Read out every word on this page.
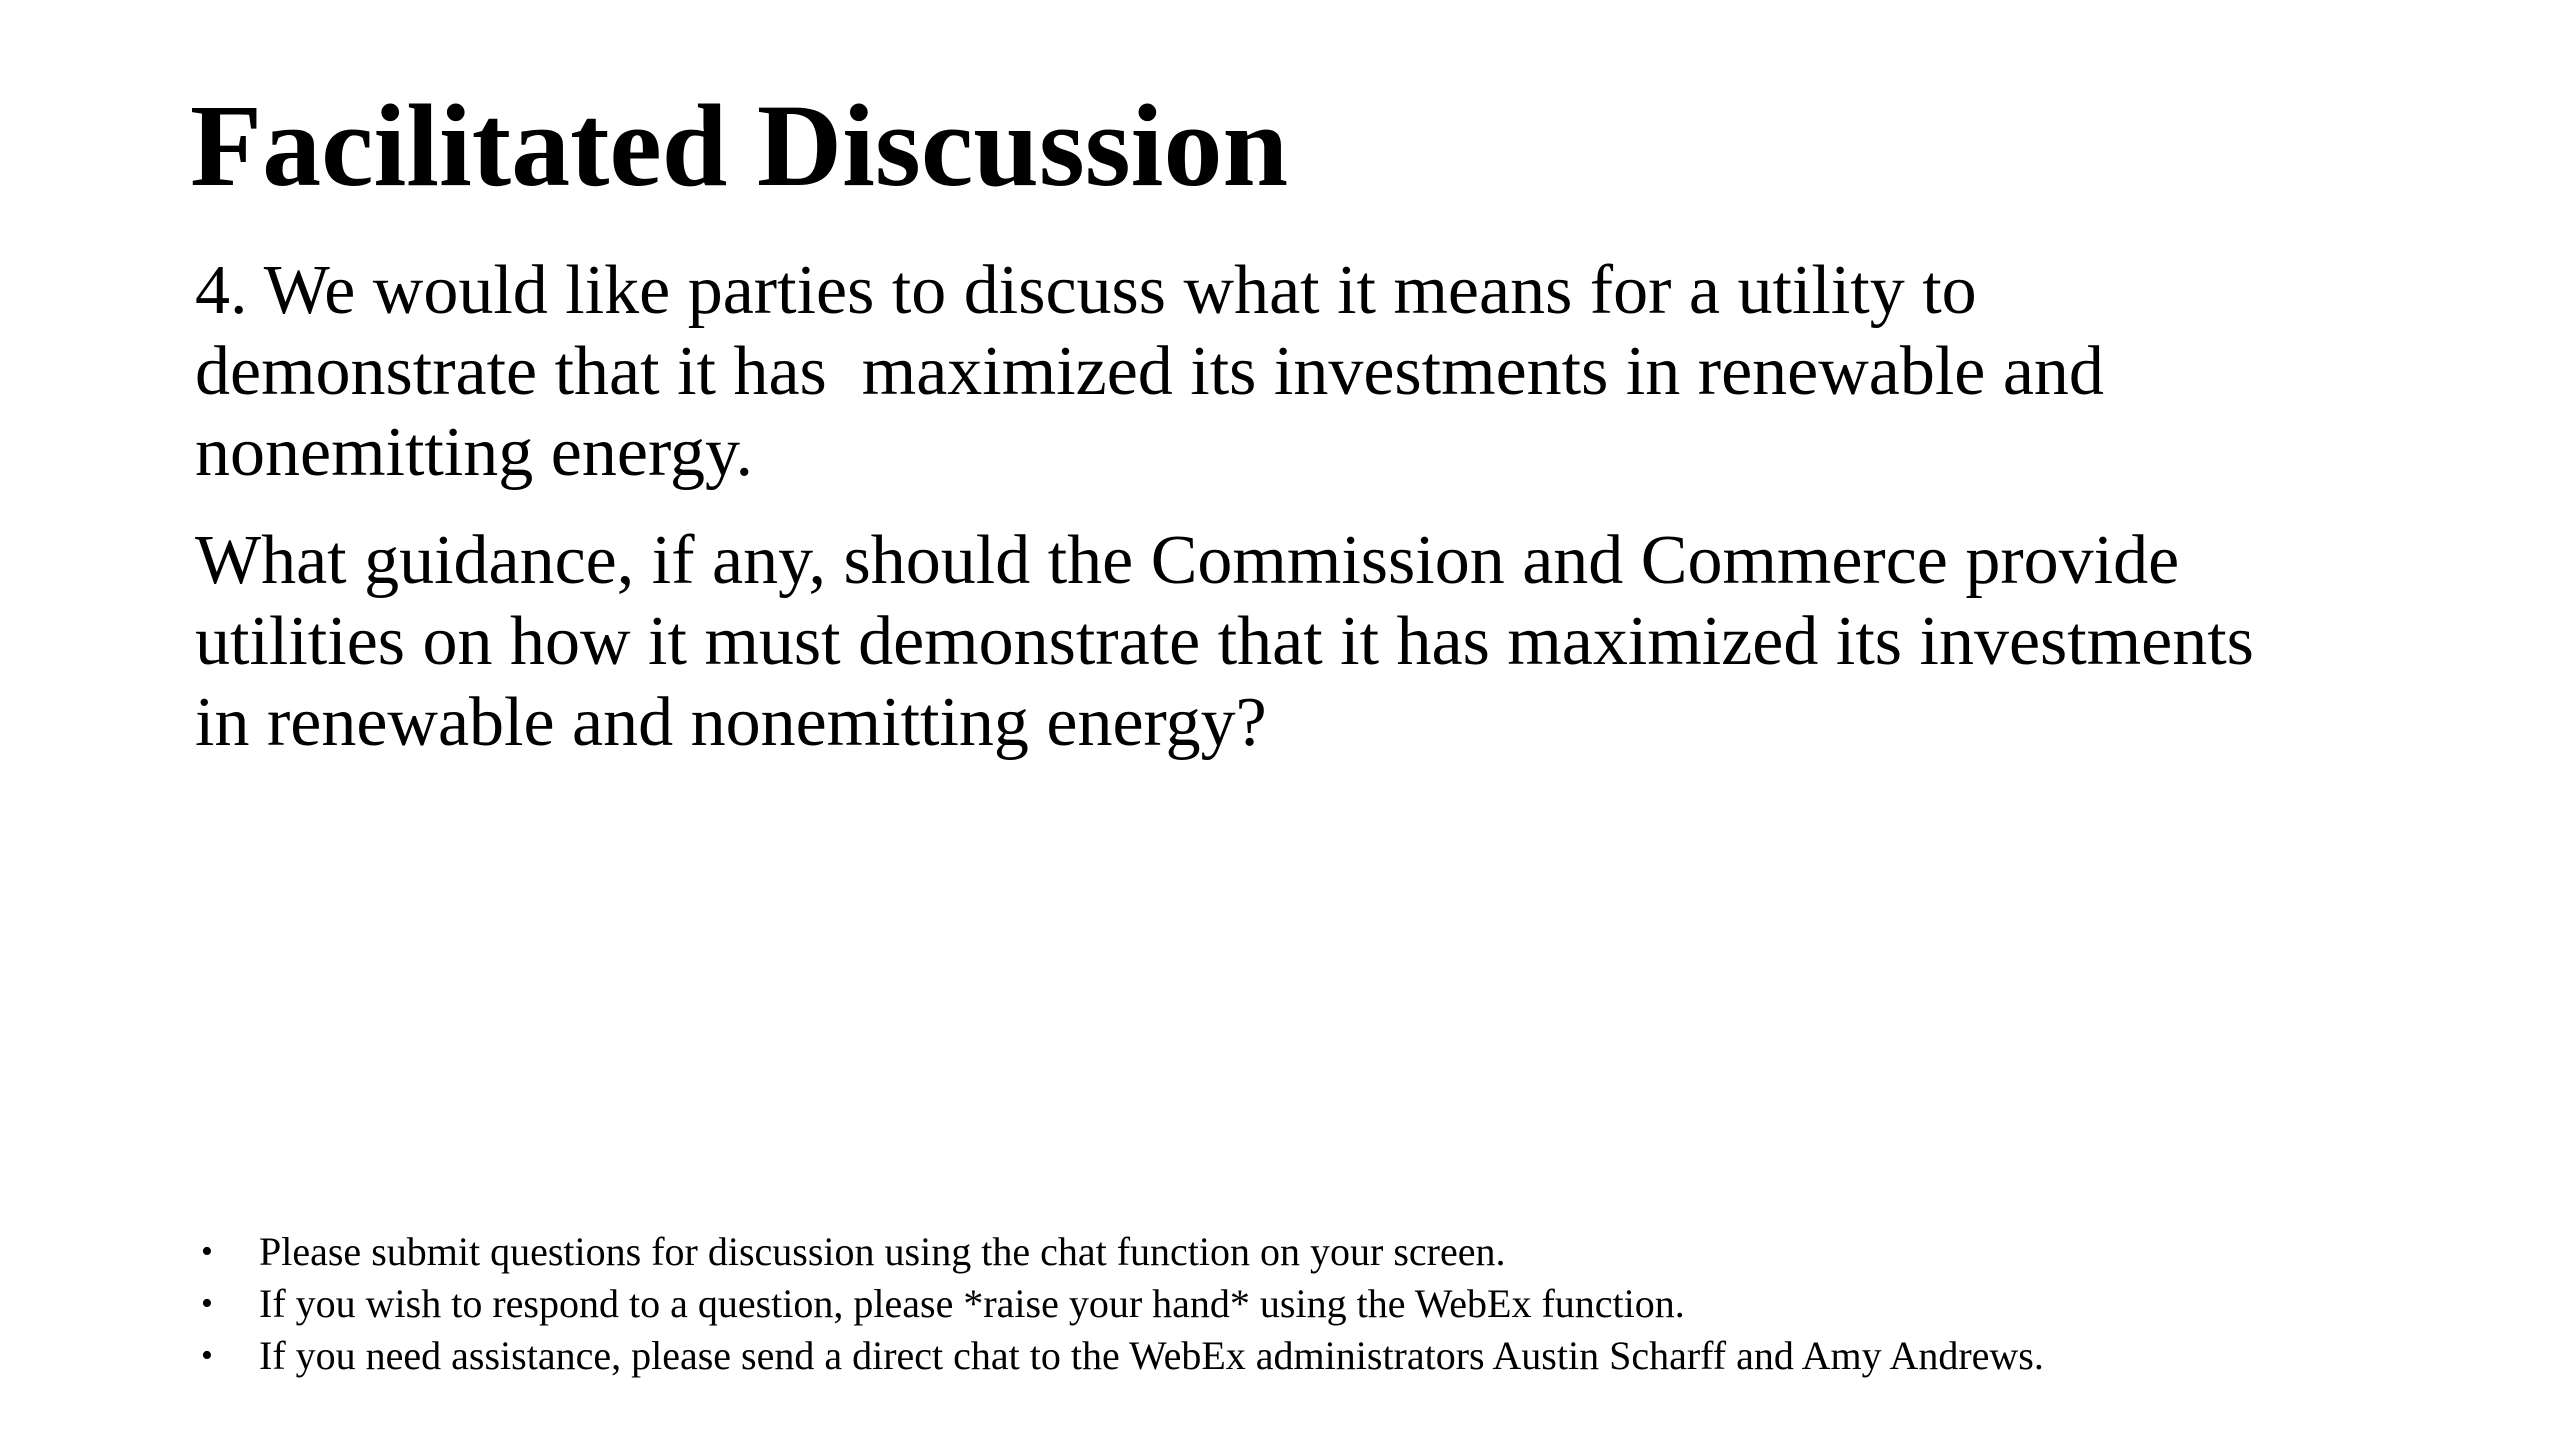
Facilitated Discussion

4. We would like parties to discuss what it means for a utility to
demonstrate that it has  maximized its investments in renewable and
nonemitting energy.

What guidance, if any, should the Commission and Commerce provide
utilities on how it must demonstrate that it has maximized its investments
in renewable and nonemitting energy?

• Please submit questions for discussion using the chat function on your screen.
• If you wish to respond to a question, please *raise your hand* using the WebEx function.
• If you need assistance, please send a direct chat to the WebEx administrators Austin Scharff and Amy Andrews.
